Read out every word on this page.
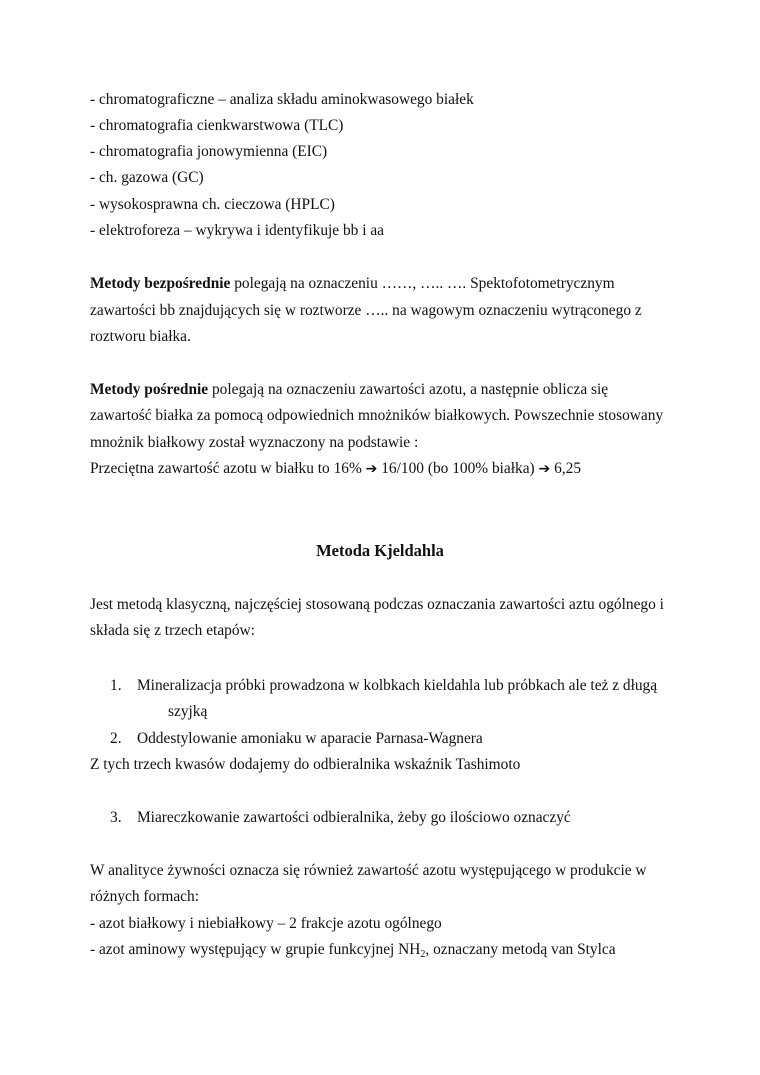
- chromatograficzne – analiza składu aminokwasowego białek

- chromatografia cienkwarstwowa (TLC)

- chromatografia jonowymienna (EIC)

- ch. gazowa (GC)

- wysokosprawna ch. cieczowa (HPLC)

- elektroforeza – wykrywa i identyfikuje bb i aa

Metody bezpośrednie polegają na oznaczeniu ……, ….. …. Spektofotometrycznym

zawartości bb znajdujących się w roztworze ….. na wagowym oznaczeniu wytrąconego z

roztworu białka.

Metody pośrednie polegają na oznaczeniu zawartości azotu, a następnie oblicza się

zawartość białka za pomocą odpowiednich mnożników białkowych. Powszechnie stosowany

mnożnik białkowy został wyznaczony na podstawie :

Przeciętna zawartość azotu w białku to 16% ➔ 16/100 (bo 100% białka) ➔ 6,25

Metoda Kjeldahla

Jest metodą klasyczną, najczęściej stosowaną podczas oznaczania zawartości aztu ogólnego i

składa się z trzech etapów:

1. Mineralizacja próbki prowadzona w kolbkach kieldahla lub próbkach ale też z długą

szyjką

2. Oddestylowanie amoniaku w aparacie Parnasa-Wagnera

Z tych trzech kwasów dodajemy do odbieralnika wskaźnik Tashimoto

3. Miareczkowanie zawartości odbieralnika, żeby go ilościowo oznaczyć

W analityce żywności oznacza się również zawartość azotu występującego w produkcie w

różnych formach:

- azot białkowy i niebiałkowy – 2 frakcje azotu ogólnego

- azot aminowy występujący w grupie funkcyjnej $NH_2$, oznaczany metodą van Stylca
